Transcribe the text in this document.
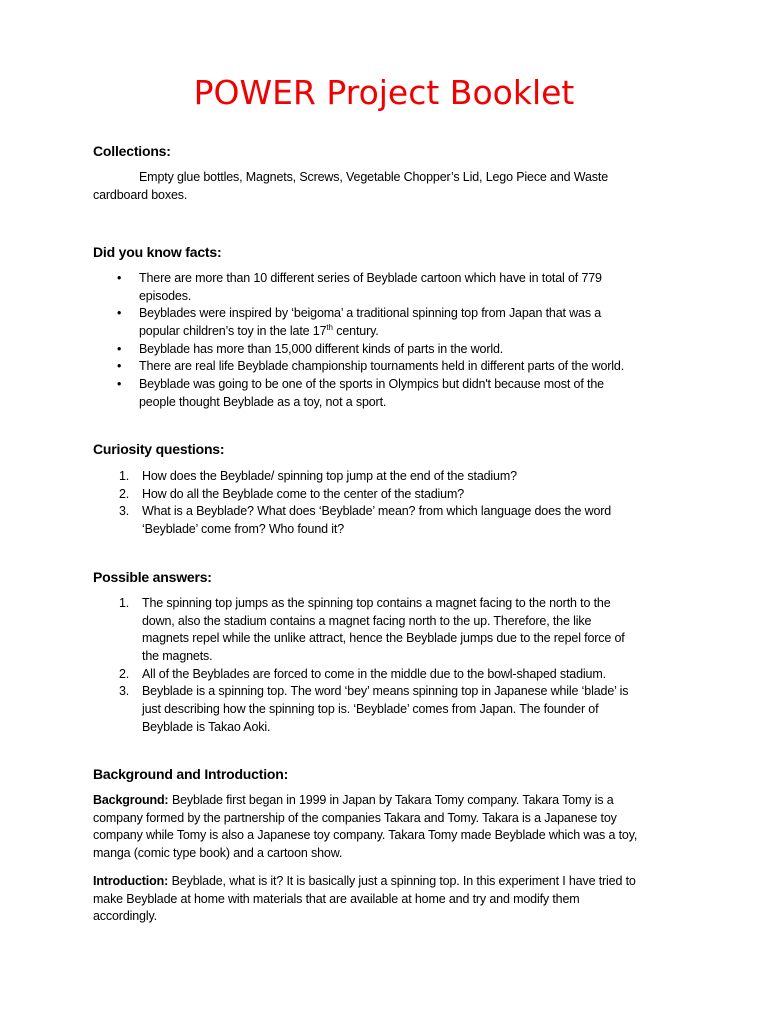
POWER Project Booklet
Collections:
Empty glue bottles, Magnets, Screws, Vegetable Chopper’s Lid, Lego Piece and Waste
cardboard boxes.
Did you know facts:
• There are more than 10 different series of Beyblade cartoon which have in total of 779
episodes.
• Beyblades were inspired by ‘beigoma’ a traditional spinning top from Japan that was a
popular children’s toy in the late 17th century.
• Beyblade has more than 15,000 different kinds of parts in the world.
• There are real life Beyblade championship tournaments held in different parts of the world.
• Beyblade was going to be one of the sports in Olympics but didn't because most of the
people thought Beyblade as a toy, not a sport.
Curiosity questions:
1. How does the Beyblade/ spinning top jump at the end of the stadium?
2. How do all the Beyblade come to the center of the stadium?
3. What is a Beyblade? What does ‘Beyblade’ mean? from which language does the word
‘Beyblade’ come from? Who found it?
Possible answers:
1. The spinning top jumps as the spinning top contains a magnet facing to the north to the
down, also the stadium contains a magnet facing north to the up. Therefore, the like
magnets repel while the unlike attract, hence the Beyblade jumps due to the repel force of
the magnets.
2. All of the Beyblades are forced to come in the middle due to the bowl-shaped stadium.
3. Beyblade is a spinning top. The word ‘bey’ means spinning top in Japanese while ‘blade’ is
just describing how the spinning top is. ‘Beyblade’ comes from Japan. The founder of
Beyblade is Takao Aoki.
Background and Introduction:
Background: Beyblade first began in 1999 in Japan by Takara Tomy company. Takara Tomy is a
company formed by the partnership of the companies Takara and Tomy. Takara is a Japanese toy
company while Tomy is also a Japanese toy company. Takara Tomy made Beyblade which was a toy,
manga (comic type book) and a cartoon show.
Introduction: Beyblade, what is it? It is basically just a spinning top. In this experiment I have tried to
make Beyblade at home with materials that are available at home and try and modify them
accordingly.
